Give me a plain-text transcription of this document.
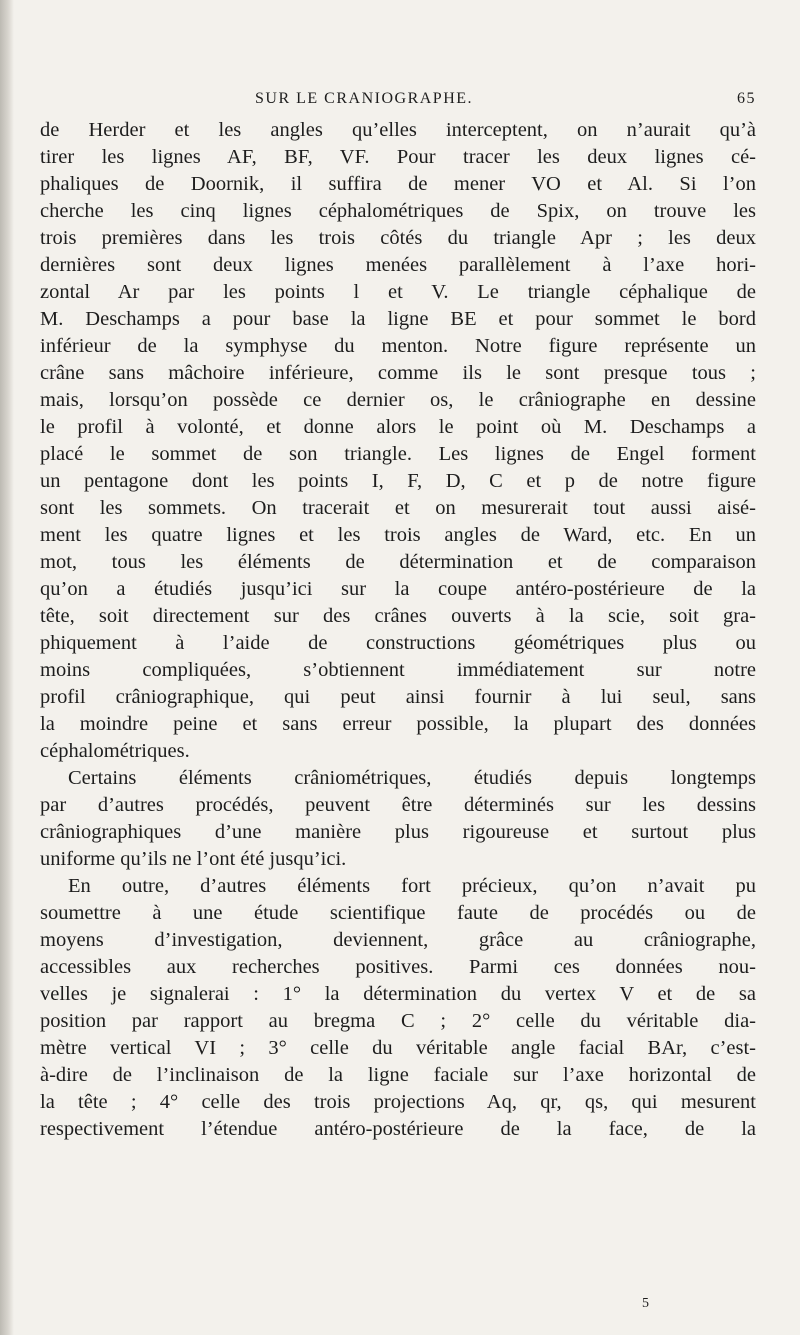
SUR LE CRANIOGRAPHE.	65
de Herder et les angles qu’elles interceptent, on n’aurait qu’à
tirer les lignes AF, BF, VF. Pour tracer les deux lignes cé-
phaliques de Doornik, il suffira de mener VO et Al. Si l’on
cherche les cinq lignes céphalométriques de Spix, on trouve les
trois premières dans les trois côtés du triangle Apr ; les deux
dernières sont deux lignes menées parallèlement à l’axe hori-
zontal Ar par les points l et V. Le triangle céphalique de
M. Deschamps a pour base la ligne BE et pour sommet le bord
inférieur de la symphyse du menton. Notre figure représente un
crâne sans mâchoire inférieure, comme ils le sont presque tous ;
mais, lorsqu’on possède ce dernier os, le crâniographe en dessine
le profil à volonté, et donne alors le point où M. Deschamps a
placé le sommet de son triangle. Les lignes de Engel forment
un pentagone dont les points I, F, D, C et p de notre figure
sont les sommets. On tracerait et on mesurerait tout aussi aisé-
ment les quatre lignes et les trois angles de Ward, etc. En un
mot, tous les éléments de détermination et de comparaison
qu’on a étudiés jusqu’ici sur la coupe antéro-postérieure de la
tête, soit directement sur des crânes ouverts à la scie, soit gra-
phiquement à l’aide de constructions géométriques plus ou
moins compliquées, s’obtiennent immédiatement sur notre
profil crâniographique, qui peut ainsi fournir à lui seul, sans
la moindre peine et sans erreur possible, la plupart des données
céphalométriques.
Certains éléments crâniométriques, étudiés depuis longtemps
par d’autres procédés, peuvent être déterminés sur les dessins
crâniographiques d’une manière plus rigoureuse et surtout plus
uniforme qu’ils ne l’ont été jusqu’ici.
En outre, d’autres éléments fort précieux, qu’on n’avait pu
soumettre à une étude scientifique faute de procédés ou de
moyens d’investigation, deviennent, grâce au crâniographe,
accessibles aux recherches positives. Parmi ces données nou-
velles je signalerai : 1° la détermination du vertex V et de sa
position par rapport au bregma C ; 2° celle du véritable dia-
mètre vertical VI ; 3° celle du véritable angle facial BAr, c’est-
à-dire de l’inclinaison de la ligne faciale sur l’axe horizontal de
la tête ; 4° celle des trois projections Aq, qr, qs, qui mesurent
respectivement l’étendue antéro-postérieure de la face, de la
5
